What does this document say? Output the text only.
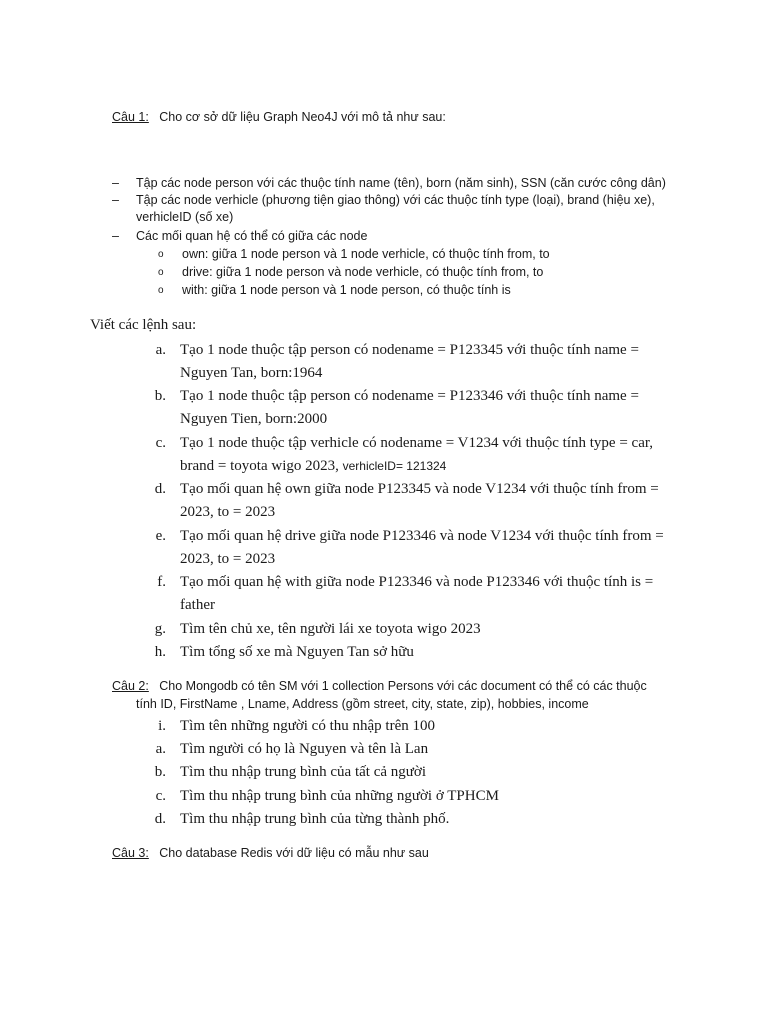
Câu 1: Cho cơ sở dữ liệu Graph Neo4J với mô tả như sau:
– Tập các node person với các thuộc tính name (tên), born (năm sinh), SSN (căn cước công dân)
– Tập các node verhicle (phương tiện giao thông) với các thuộc tính type (loại), brand (hiệu xe),
verhicleID (số xe)
– Các mối quan hệ có thể có giữa các node
o own: giữa 1 node person và 1 node verhicle, có thuộc tính from, to
o drive: giữa 1 node person và node verhicle, có thuộc tính from, to
o with: giữa 1 node person và 1 node person, có thuộc tính is
Viết các lệnh sau:
a. Tạo 1 node thuộc tập person có nodename = P123345 với thuộc tính name =
Nguyen Tan, born:1964
b. Tạo 1 node thuộc tập person có nodename = P123346 với thuộc tính name =
Nguyen Tien, born:2000
c. Tạo 1 node thuộc tập verhicle có nodename = V1234 với thuộc tính type = car,
brand = toyota wigo 2023, verhicleID= 121324
d. Tạo mối quan hệ own giữa node P123345 và node V1234 với thuộc tính from =
2023, to = 2023
e. Tạo mối quan hệ drive giữa node P123346 và node V1234 với thuộc tính from =
2023, to = 2023
f. Tạo mối quan hệ with giữa node P123346 và node P123346 với thuộc tính is =
father
g. Tìm tên chủ xe, tên người lái xe toyota wigo 2023
h. Tìm tổng số xe mà Nguyen Tan sở hữu
Câu 2: Cho Mongodb có tên SM với 1 collection Persons với các document có thể có các thuộc
tính ID, FirstName , Lname, Address (gồm street, city, state, zip), hobbies, income
i. Tìm tên những người có thu nhập trên 100
a. Tìm người có họ là Nguyen và tên là Lan
b. Tìm thu nhập trung bình của tất cả người
c. Tìm thu nhập trung bình của những người ở TPHCM
d. Tìm thu nhập trung bình của từng thành phố.
Câu 3: Cho database Redis với dữ liệu có mẫu như sau
